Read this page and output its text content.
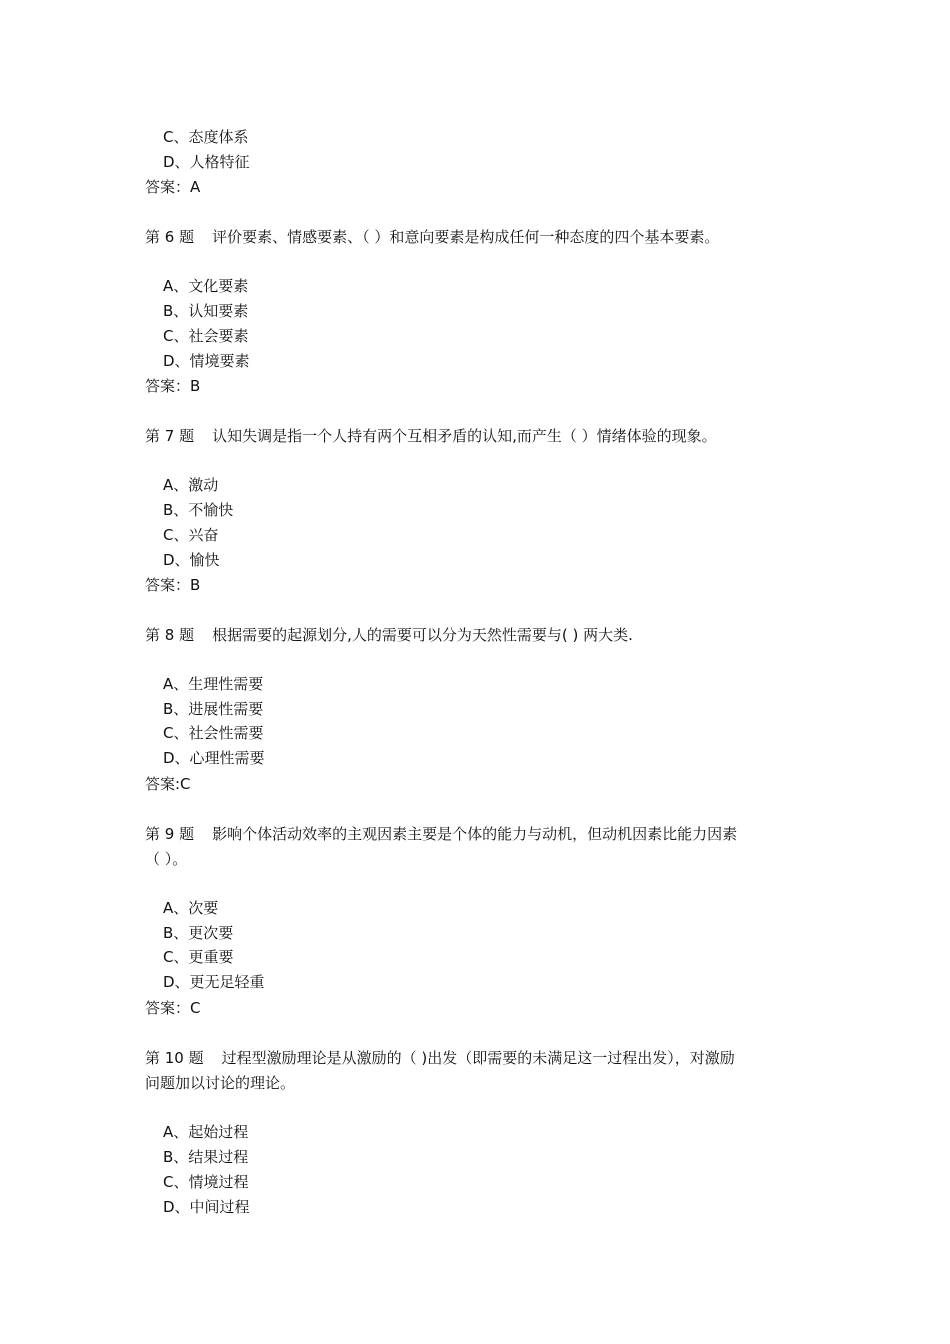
C、态度体系
D、人格特征
答案：A
第 6 题 评价要素、情感要素、（ ）和意向要素是构成任何一种态度的四个基本要素。
A、文化要素
B、认知要素
C、社会要素
D、情境要素
答案：B
第 7 题 认知失调是指一个人持有两个互相矛盾的认知,而产生（ ）情绪体验的现象。
A、激动
B、不愉快
C、兴奋
D、愉快
答案：B
第 8 题 根据需要的起源划分,人的需要可以分为天然性需要与( ) 两大类.
A、生理性需要
B、进展性需要
C、社会性需要
D、心理性需要
答案:C
第 9 题 影响个体活动效率的主观因素主要是个体的能力与动机，但动机因素比能力因素
（ ）。
A、次要
B、更次要
C、更重要
D、更无足轻重
答案：C
第 10 题 过程型激励理论是从激励的（ )出发（即需要的未满足这一过程出发），对激励
问题加以讨论的理论。
A、起始过程
B、结果过程
C、情境过程
D、中间过程
